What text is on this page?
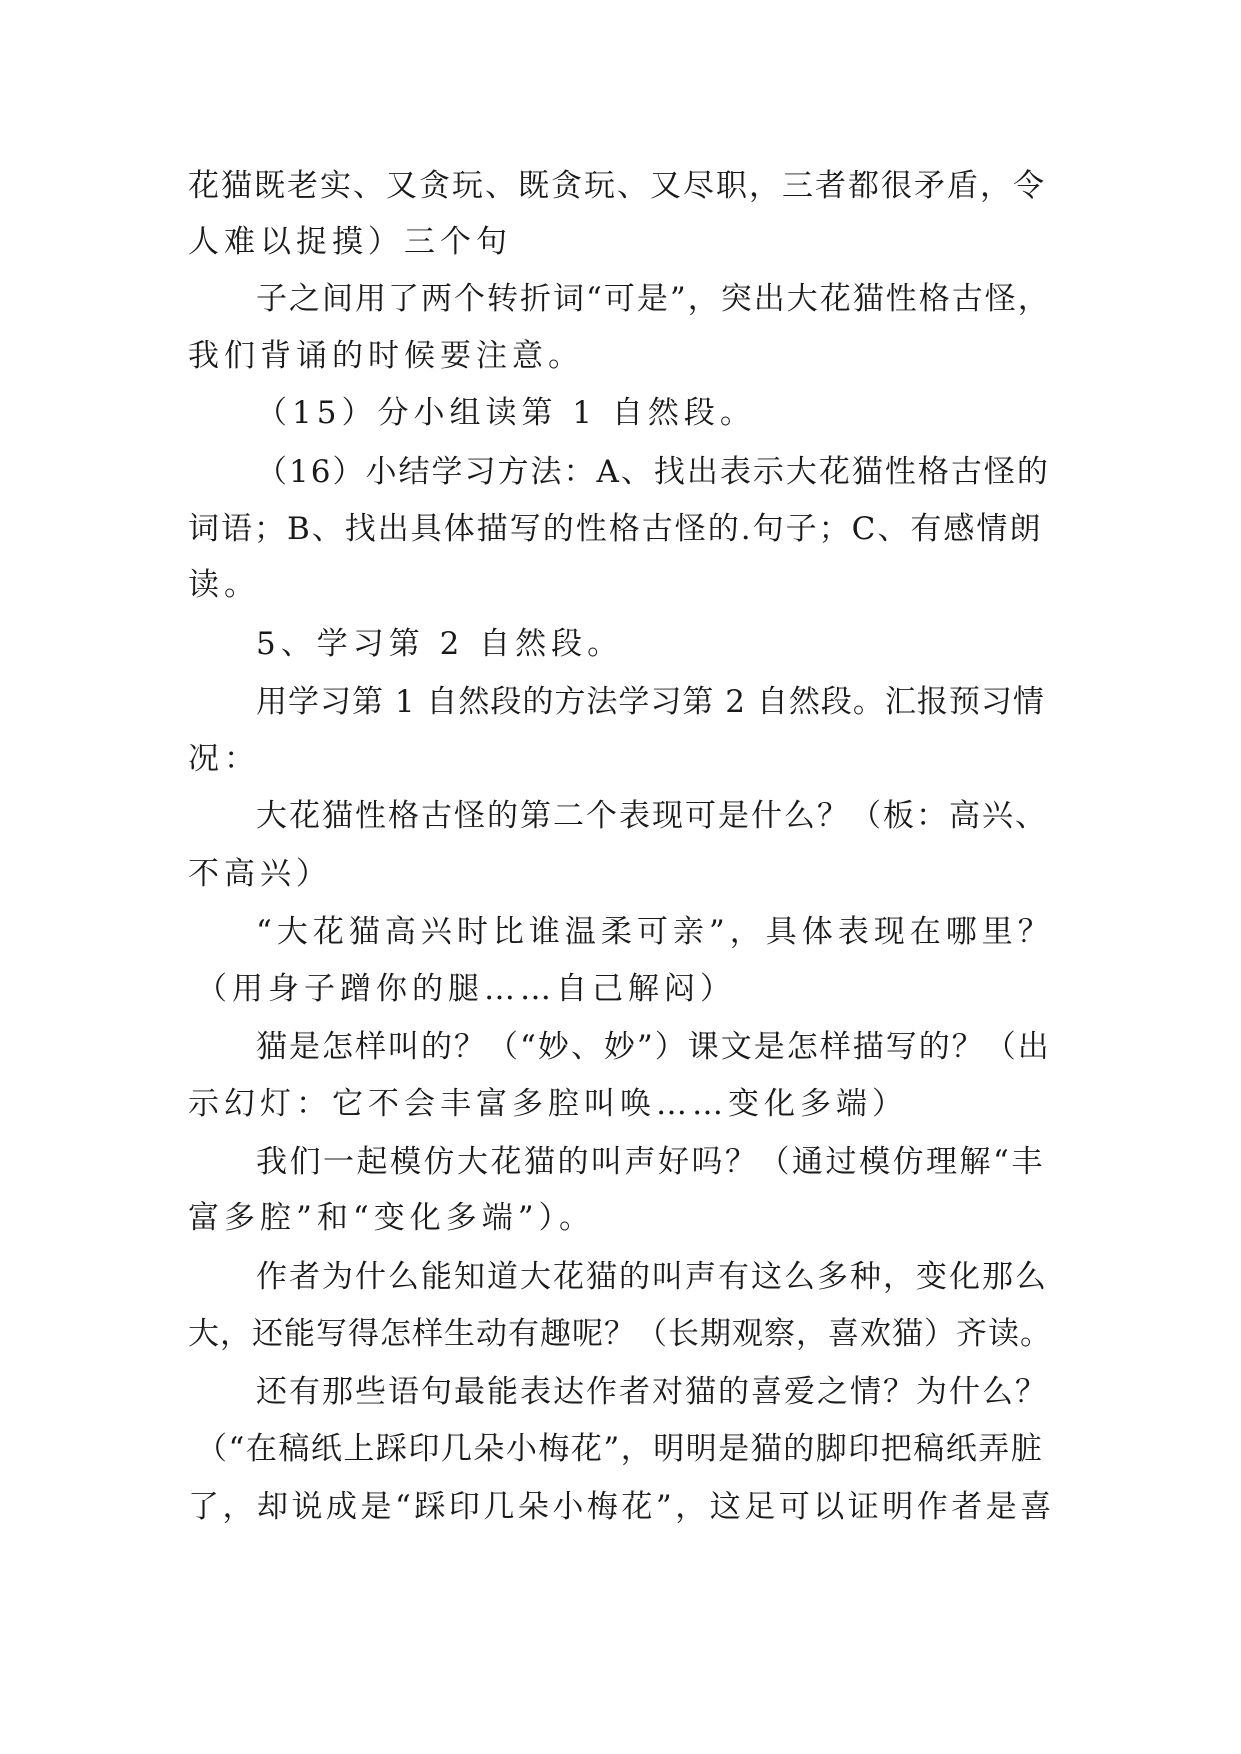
花猫既老实、又贪玩、既贪玩、又尽职，三者都很矛盾，令
人难以捉摸）三个句
子之间用了两个转折词“可是”，突出大花猫性格古怪，
我们背诵的时候要注意。
（15）分小组读第 1 自然段。
（16）小结学习方法：A、找出表示大花猫性格古怪的
词语；B、找出具体描写的性格古怪的.句子；C、有感情朗
读。
5、学习第 2 自然段。
用学习第 1 自然段的方法学习第 2 自然段。汇报预习情
况：
大花猫性格古怪的第二个表现可是什么？（板：高兴、
不高兴）
“大花猫高兴时比谁温柔可亲”，具体表现在哪里？
（用身子蹭你的腿……自己解闷）
猫是怎样叫的？（“妙、妙”）课文是怎样描写的？（出
示幻灯：它不会丰富多腔叫唤……变化多端）
我们一起模仿大花猫的叫声好吗？（通过模仿理解“丰
富多腔”和“变化多端”）。
作者为什么能知道大花猫的叫声有这么多种，变化那么
大，还能写得怎样生动有趣呢？（长期观察，喜欢猫）齐读。
还有那些语句最能表达作者对猫的喜爱之情？为什么？
（“在稿纸上踩印几朵小梅花”，明明是猫的脚印把稿纸弄脏
了，却说成是“踩印几朵小梅花”，这足可以证明作者是喜
